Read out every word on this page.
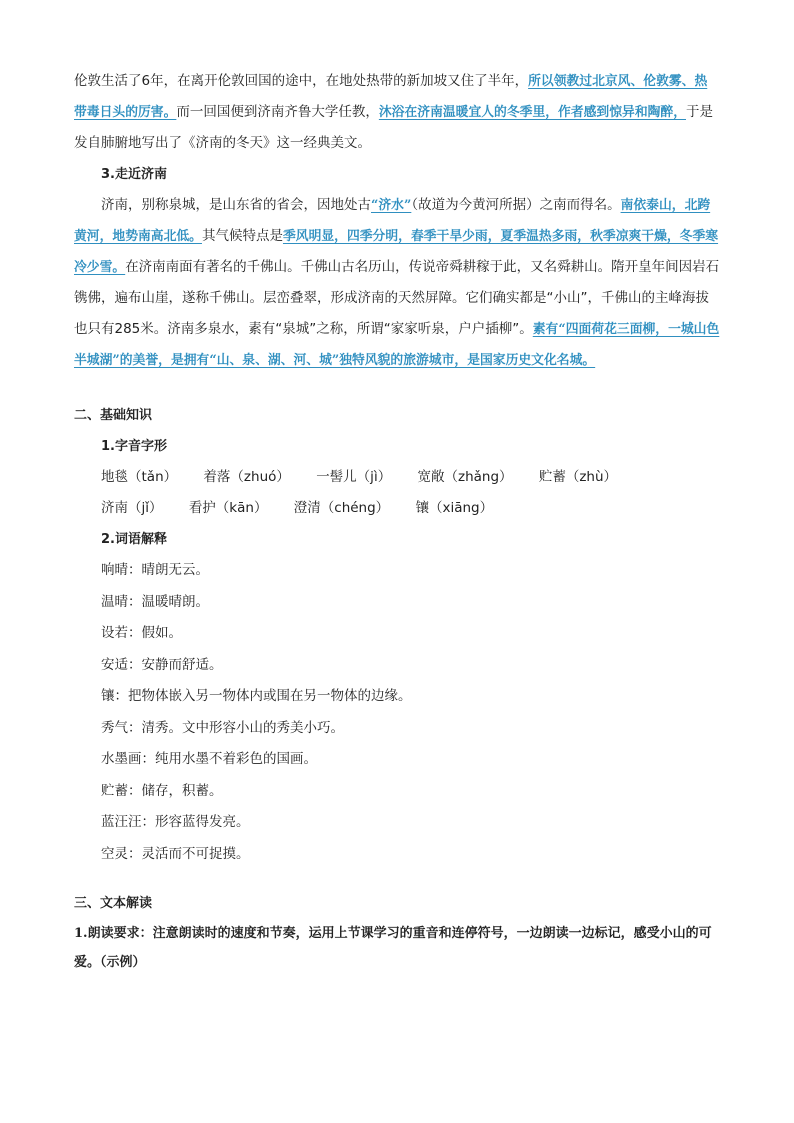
伦敦生活了6年，在离开伦敦回国的途中，在地处热带的新加坡又住了半年，所以领教过北京风、伦敦雾、热带毒日头的厉害。而一回国便到济南齐鲁大学任教，沐浴在济南温暖宜人的冬季里，作者感到惊异和陶醉，于是发自肺腑地写出了《济南的冬天》这一经典美文。

3.走近济南

济南，别称泉城，是山东省的省会，因地处古“济水”（故道为今黄河所据）之南而得名。南依泰山，北跨黄河，地势南高北低。其气候特点是季风明显，四季分明，春季干旱少雨，夏季温热多雨，秋季凉爽干燥，冬季寒冷少雪。在济南南面有著名的千佛山。千佛山古名历山，传说帝舜耕稼于此，又名舜耕山。隋开皇年间因岩石镌佛，遍布山崖，遂称千佛山。层峦叠翠，形成济南的天然屏障。它们确实都是“小山”，千佛山的主峰海拔也只有285米。济南多泉水，素有“泉城”之称，所谓“家家听泉，户户插柳”。素有“四面荷花三面柳，一城山色半城湖”的美誉，是拥有“山、泉、湖、河、城”独特风貌的旅游城市，是国家历史文化名城。

二、基础知识

1.字音字形

地毯（tǎn） 着落（zhuó） 一髻儿（jì） 宽敞（zhǎng） 贮蓄（zhù）

济南（jǐ） 看护（kān） 澄清（chéng） 镶（xiāng）

2.词语解释

响晴：晴朗无云。

温晴：温暖晴朗。

设若：假如。

安适：安静而舒适。

镶：把物体嵌入另一物体内或围在另一物体的边缘。

秀气：清秀。文中形容小山的秀美小巧。

水墨画：纯用水墨不着彩色的国画。

贮蓄：储存，积蓄。

蓝汪汪：形容蓝得发亮。

空灵：灵活而不可捉摸。

三、文本解读

1.朗读要求：注意朗读时的速度和节奏，运用上节课学习的重音和连停符号，一边朗读一边标记，感受小山的可爱。（示例）
